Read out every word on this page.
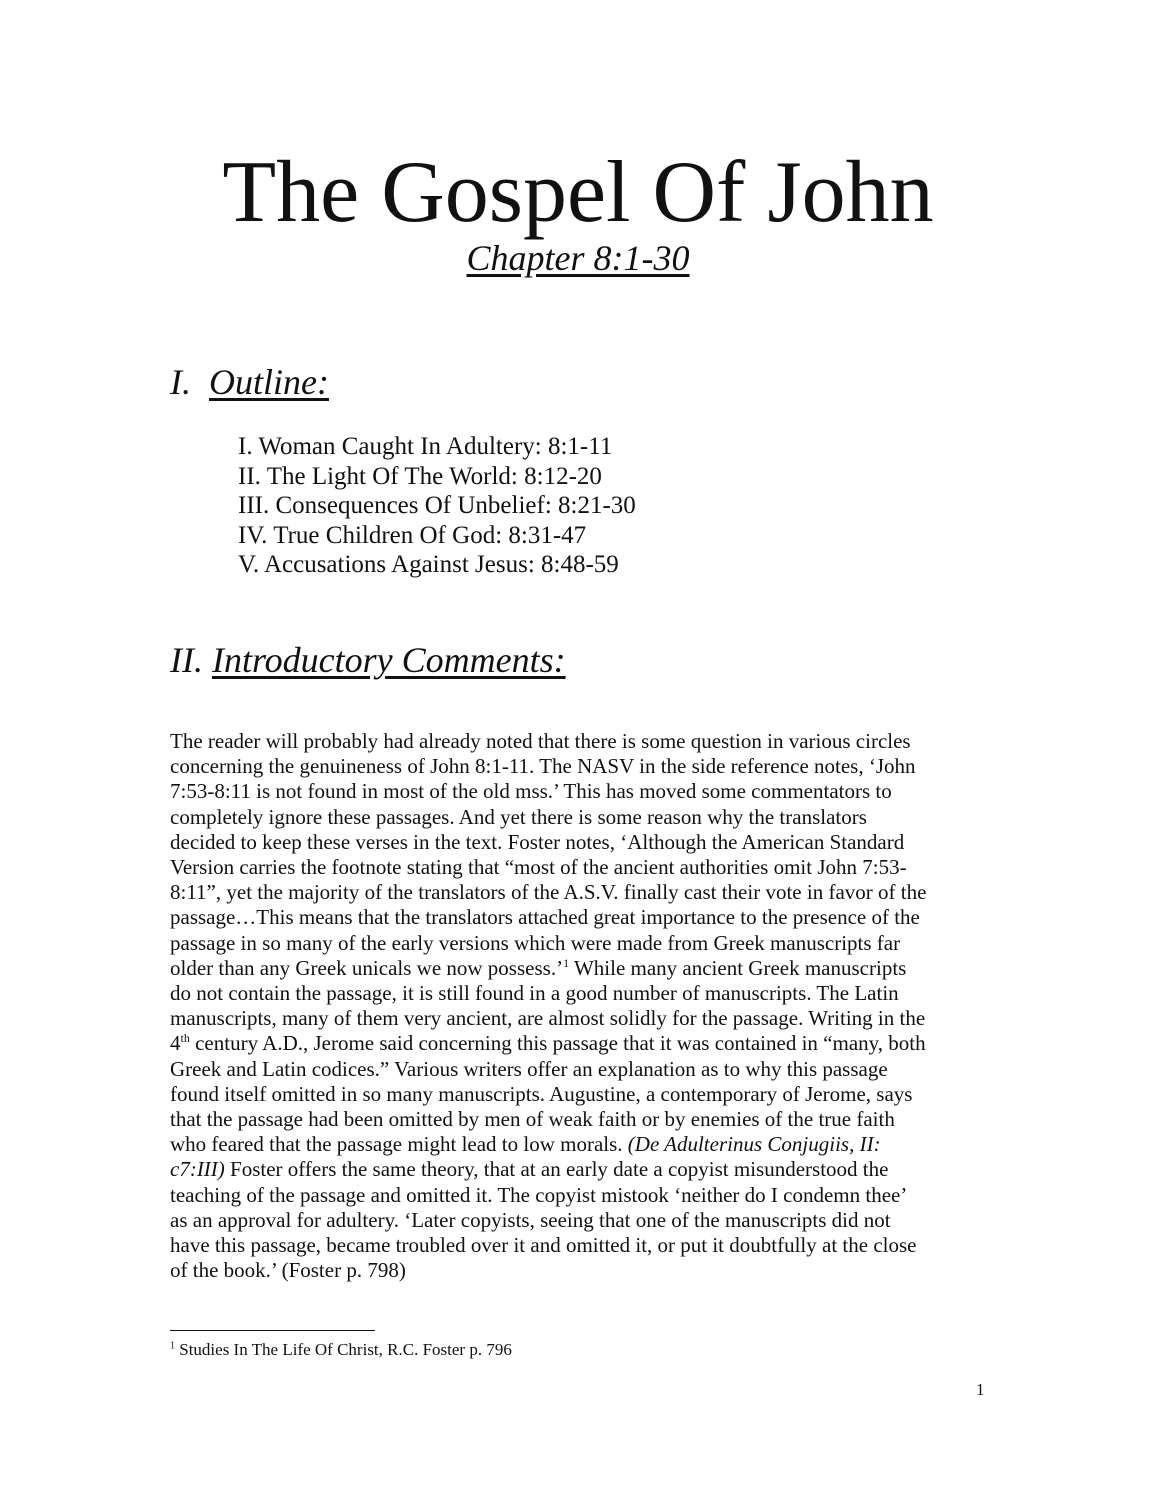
The Gospel Of John
Chapter 8:1-30
I. Outline:
I. Woman Caught In Adultery: 8:1-11
II. The Light Of The World: 8:12-20
III. Consequences Of Unbelief: 8:21-30
IV. True Children Of God: 8:31-47
V. Accusations Against Jesus: 8:48-59
II. Introductory Comments:
The reader will probably had already noted that there is some question in various circles
concerning the genuineness of John 8:1-11. The NASV in the side reference notes, ‘John
7:53-8:11 is not found in most of the old mss.’ This has moved some commentators to
completely ignore these passages. And yet there is some reason why the translators
decided to keep these verses in the text. Foster notes, ‘Although the American Standard
Version carries the footnote stating that “most of the ancient authorities omit John 7:53-
8:11”, yet the majority of the translators of the A.S.V. finally cast their vote in favor of the
passage…This means that the translators attached great importance to the presence of the
passage in so many of the early versions which were made from Greek manuscripts far
older than any Greek unicals we now possess.’$^1$ While many ancient Greek manuscripts
do not contain the passage, it is still found in a good number of manuscripts. The Latin
manuscripts, many of them very ancient, are almost solidly for the passage. Writing in the
4th century A.D., Jerome said concerning this passage that it was contained in “many, both
Greek and Latin codices.” Various writers offer an explanation as to why this passage
found itself omitted in so many manuscripts. Augustine, a contemporary of Jerome, says
that the passage had been omitted by men of weak faith or by enemies of the true faith
who feared that the passage might lead to low morals. (De Adulterinus Conjugiis, II:
c7:III) Foster offers the same theory, that at an early date a copyist misunderstood the
teaching of the passage and omitted it. The copyist mistook ‘neither do I condemn thee’
as an approval for adultery. ‘Later copyists, seeing that one of the manuscripts did not
have this passage, became troubled over it and omitted it, or put it doubtfully at the close
of the book.’ (Foster p. 798)
$^1$ Studies In The Life Of Christ, R.C. Foster p. 796
1
